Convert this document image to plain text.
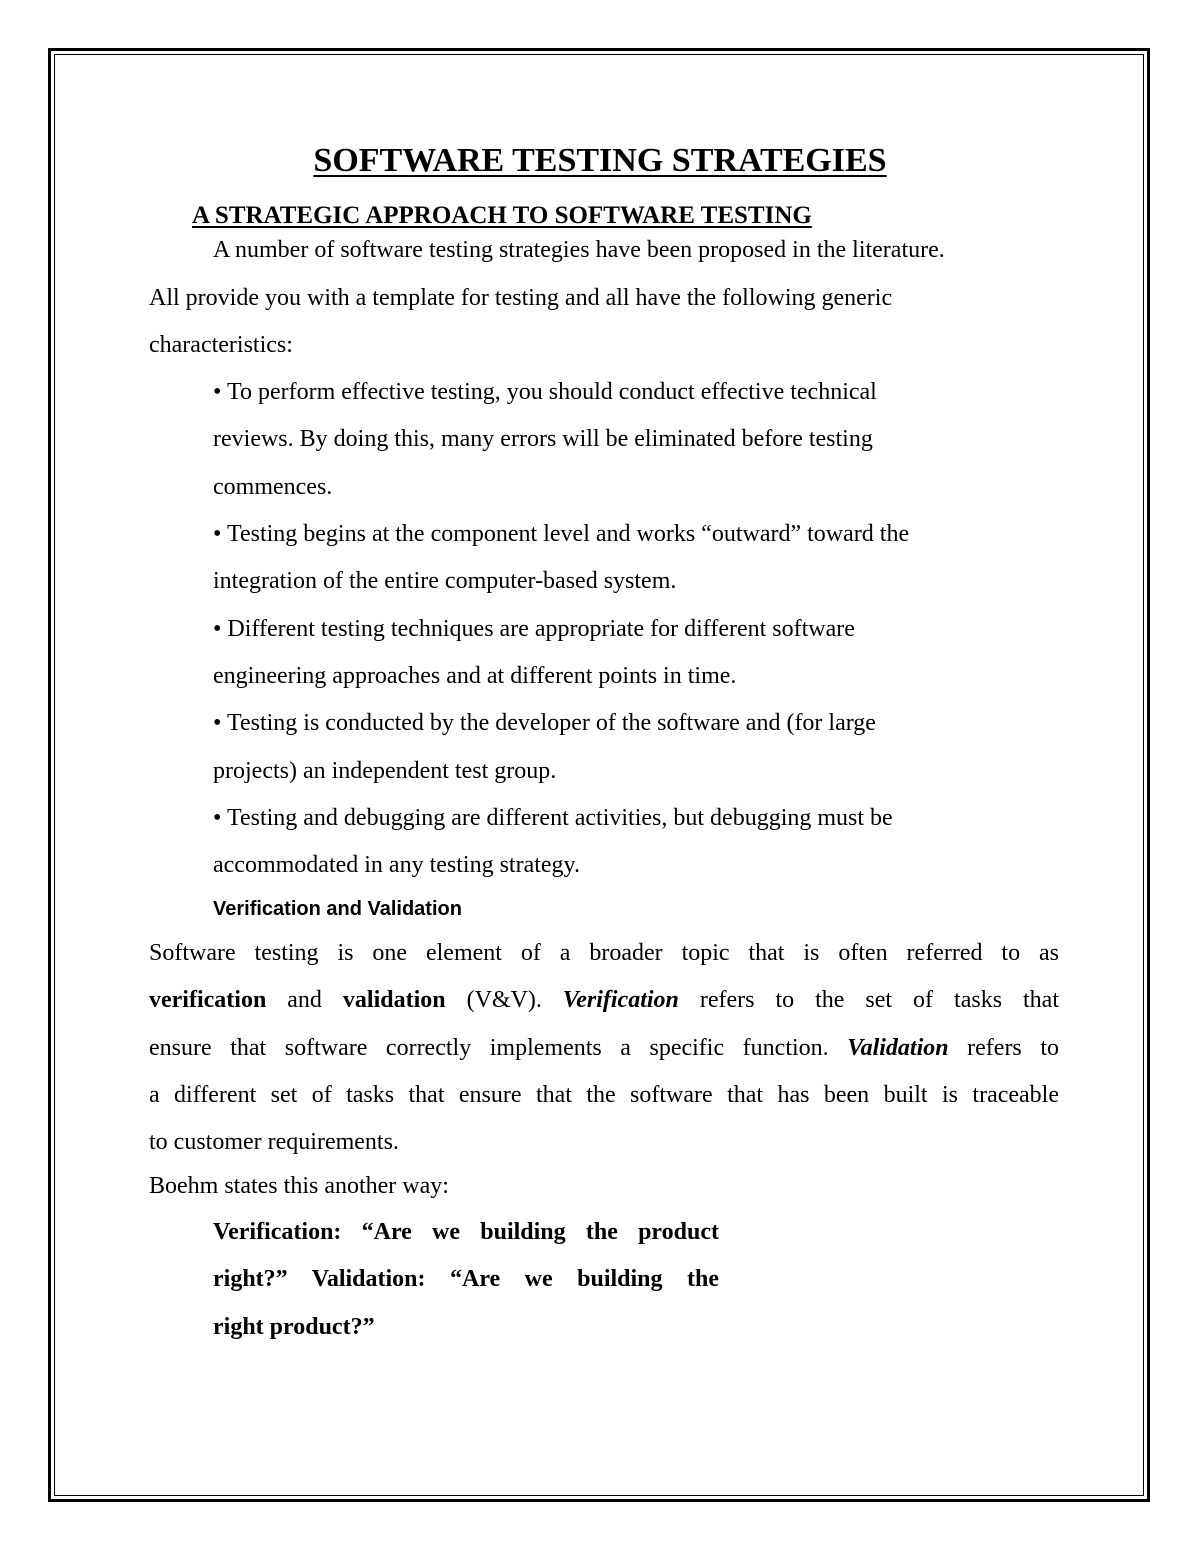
SOFTWARE TESTING STRATEGIES
A STRATEGIC APPROACH TO SOFTWARE TESTING
A number of software testing strategies have been proposed in the literature.
All provide you with a template for testing and all have the following generic
characteristics:
• To perform effective testing, you should conduct effective technical
reviews. By doing this, many errors will be eliminated before testing
commences.
• Testing begins at the component level and works “outward” toward the
integration of the entire computer-based system.
• Different testing techniques are appropriate for different software
engineering approaches and at different points in time.
• Testing is conducted by the developer of the software and (for large
projects) an independent test group.
• Testing and debugging are different activities, but debugging must be
accommodated in any testing strategy.
Verification and Validation
Software testing is one element of a broader topic that is often referred to as
verification and validation (V&V). Verification refers to the set of tasks that
ensure that software correctly implements a specific function. Validation refers to
a different set of tasks that ensure that the software that has been built is traceable
to customer requirements.
Boehm states this another way:
Verification: “Are we building the product
right?” Validation: “Are we building the
right product?”
